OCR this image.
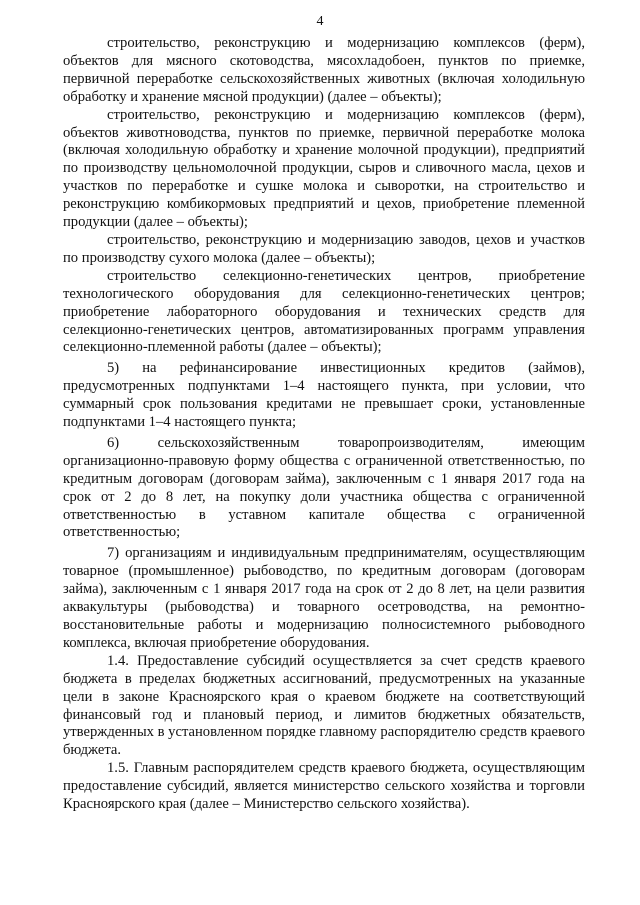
4

строительство, реконструкцию и модернизацию комплексов (ферм), объектов для мясного скотоводства, мясохладобоен, пунктов по приемке, первичной переработке сельскохозяйственных животных (включая холодильную обработку и хранение мясной продукции) (далее – объекты);

строительство, реконструкцию и модернизацию комплексов (ферм), объектов животноводства, пунктов по приемке, первичной переработке молока (включая холодильную обработку и хранение молочной продукции), предприятий по производству цельномолочной продукции, сыров и сливочного масла, цехов и участков по переработке и сушке молока и сыворотки, на строительство и реконструкцию комбикормовых предприятий и цехов, приобретение племенной продукции (далее – объекты);

строительство, реконструкцию и модернизацию заводов, цехов и участков по производству сухого молока (далее – объекты);

строительство селекционно-генетических центров, приобретение технологического оборудования для селекционно-генетических центров; приобретение лабораторного оборудования и технических средств для селекционно-генетических центров, автоматизированных программ управления селекционно-племенной работы (далее – объекты);

5) на рефинансирование инвестиционных кредитов (займов), предусмотренных подпунктами 1–4 настоящего пункта, при условии, что суммарный срок пользования кредитами не превышает сроки, установленные подпунктами 1–4 настоящего пункта;

6) сельскохозяйственным товаропроизводителям, имеющим организационно-правовую форму общества с ограниченной ответственностью, по кредитным договорам (договорам займа), заключенным с 1 января 2017 года на срок от 2 до 8 лет, на покупку доли участника общества с ограниченной ответственностью в уставном капитале общества с ограниченной ответственностью;

7) организациям и индивидуальным предпринимателям, осуществляющим товарное (промышленное) рыбоводство, по кредитным договорам (договорам займа), заключенным с 1 января 2017 года на срок от 2 до 8 лет, на цели развития аквакультуры (рыбоводства) и товарного осетроводства, на ремонтно-восстановительные работы и модернизацию полносистемного рыбоводного комплекса, включая приобретение оборудования.

1.4. Предоставление субсидий осуществляется за счет средств краевого бюджета в пределах бюджетных ассигнований, предусмотренных на указанные цели в законе Красноярского края о краевом бюджете на соответствующий финансовый год и плановый период, и лимитов бюджетных обязательств, утвержденных в установленном порядке главному распорядителю средств краевого бюджета.

1.5. Главным распорядителем средств краевого бюджета, осуществляющим предоставление субсидий, является министерство сельского хозяйства и торговли Красноярского края (далее – Министерство сельского хозяйства).
